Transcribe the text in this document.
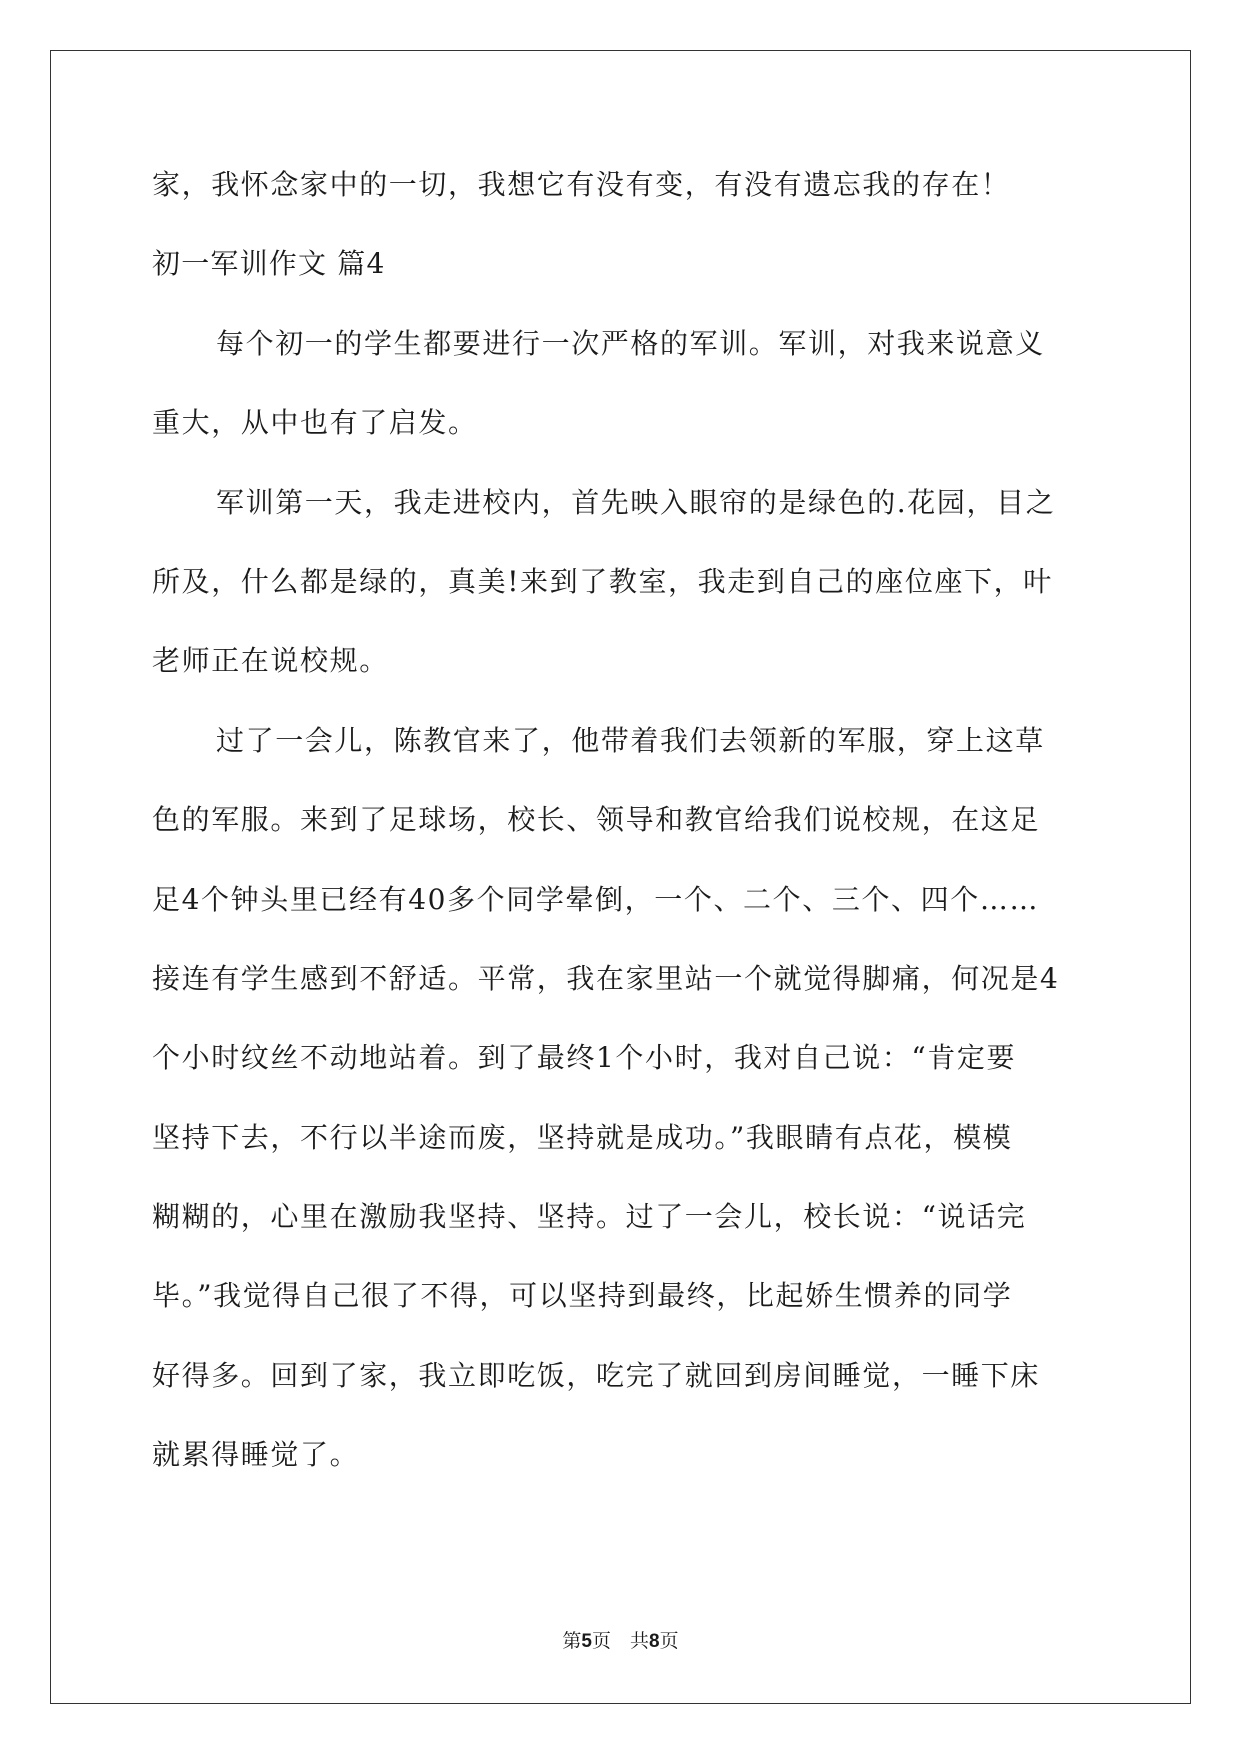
家，我怀念家中的一切，我想它有没有变，有没有遗忘我的存在！

初一军训作文 篇4

每个初一的学生都要进行一次严格的军训。军训，对我来说意义

重大，从中也有了启发。

军训第一天，我走进校内，首先映入眼帘的是绿色的.花园，目之

所及，什么都是绿的，真美!来到了教室，我走到自己的座位座下，叶

老师正在说校规。

过了一会儿，陈教官来了，他带着我们去领新的军服，穿上这草

色的军服。来到了足球场，校长、领导和教官给我们说校规，在这足

足4个钟头里已经有40多个同学晕倒，一个、二个、三个、四个……

接连有学生感到不舒适。平常，我在家里站一个就觉得脚痛，何况是4

个小时纹丝不动地站着。到了最终1个小时，我对自己说：“肯定要

坚持下去，不行以半途而废，坚持就是成功。”我眼睛有点花，模模

糊糊的，心里在激励我坚持、坚持。过了一会儿，校长说：“说话完

毕。”我觉得自己很了不得，可以坚持到最终，比起娇生惯养的同学

好得多。回到了家，我立即吃饭，吃完了就回到房间睡觉，一睡下床

就累得睡觉了。

第5页　共8页
